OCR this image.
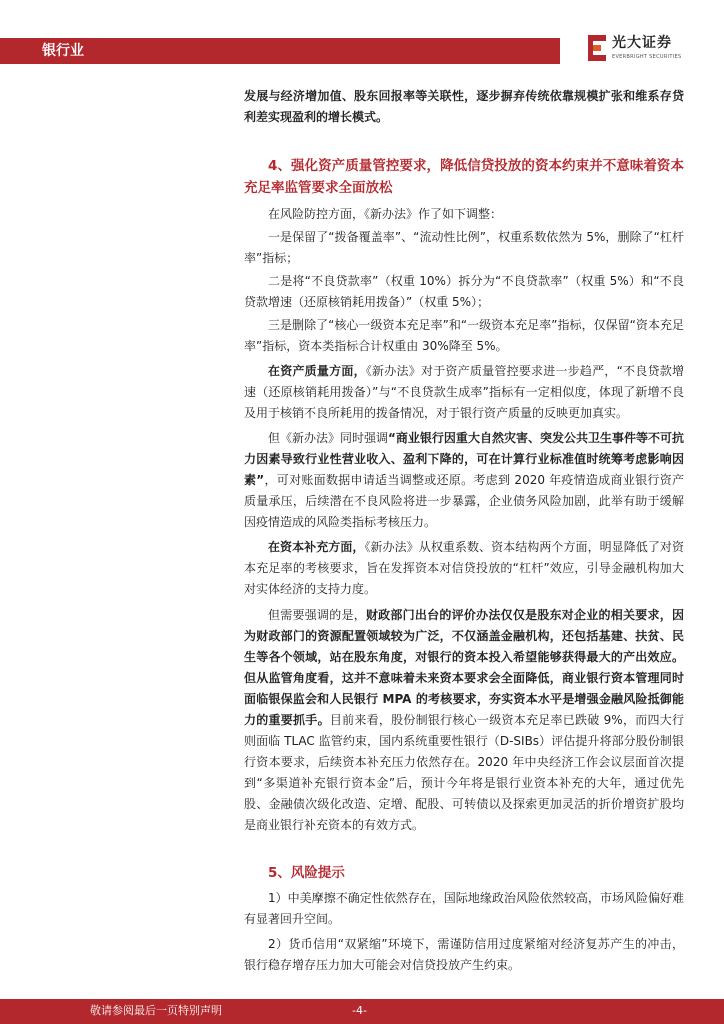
银行业	光大证券
EVERBRIGHT SECURITIES

发展与经济增加值、股东回报率等关联性，逐步摒弃传统依靠规模扩张和维系存贷利差实现盈利的增长模式。

4、强化资产质量管控要求，降低信贷投放的资本约束并不意味着资本充足率监管要求全面放松

在风险防控方面，《新办法》作了如下调整：

一是保留了“拨备覆盖率”、“流动性比例”，权重系数依然为 5%，删除了“杠杆率”指标；

二是将“不良贷款率”（权重 10%）拆分为“不良贷款率”（权重 5%）和“不良贷款增速（还原核销耗用拨备）”（权重 5%）；

三是删除了“核心一级资本充足率”和“一级资本充足率”指标，仅保留“资本充足率”指标，资本类指标合计权重由 30%降至 5%。

在资产质量方面，《新办法》对于资产质量管控要求进一步趋严，“不良贷款增速（还原核销耗用拨备）”与“不良贷款生成率”指标有一定相似度，体现了新增不良及用于核销不良所耗用的拨备情况，对于银行资产质量的反映更加真实。

但《新办法》同时强调“商业银行因重大自然灾害、突发公共卫生事件等不可抗力因素导致行业性营业收入、盈利下降的，可在计算行业标准值时统筹考虑影响因素”，可对账面数据申请适当调整或还原。考虑到 2020 年疫情造成商业银行资产质量承压，后续潜在不良风险将进一步暴露，企业债务风险加剧，此举有助于缓解因疫情造成的风险类指标考核压力。

在资本补充方面，《新办法》从权重系数、资本结构两个方面，明显降低了对资本充足率的考核要求，旨在发挥资本对信贷投放的“杠杆”效应，引导金融机构加大对实体经济的支持力度。

但需要强调的是，财政部门出台的评价办法仅仅是股东对企业的相关要求，因为财政部门的资源配置领域较为广泛，不仅涵盖金融机构，还包括基建、扶贫、民生等各个领域，站在股东角度，对银行的资本投入希望能够获得最大的产出效应。但从监管角度看，这并不意味着未来资本要求会全面降低，商业银行资本管理同时面临银保监会和人民银行 MPA 的考核要求，夯实资本水平是增强金融风险抵御能力的重要抓手。目前来看，股份制银行核心一级资本充足率已跌破 9%，而四大行则面临 TLAC 监管约束，国内系统重要性银行（D-SIBs）评估提升将部分股份制银行资本要求，后续资本补充压力依然存在。2020 年中央经济工作会议层面首次提到“多渠道补充银行资本金”后，预计今年将是银行业资本补充的大年，通过优先股、金融债次级化改造、定增、配股、可转债以及探索更加灵活的折价增资扩股均是商业银行补充资本的有效方式。

5、风险提示

1）中美摩擦不确定性依然存在，国际地缘政治风险依然较高，市场风险偏好难有显著回升空间。

2）货币信用“双紧缩”环境下，需谨防信用过度紧缩对经济复苏产生的冲击，银行稳存增存压力加大可能会对信贷投放产生约束。

敬请参阅最后一页特别声明	-4-
